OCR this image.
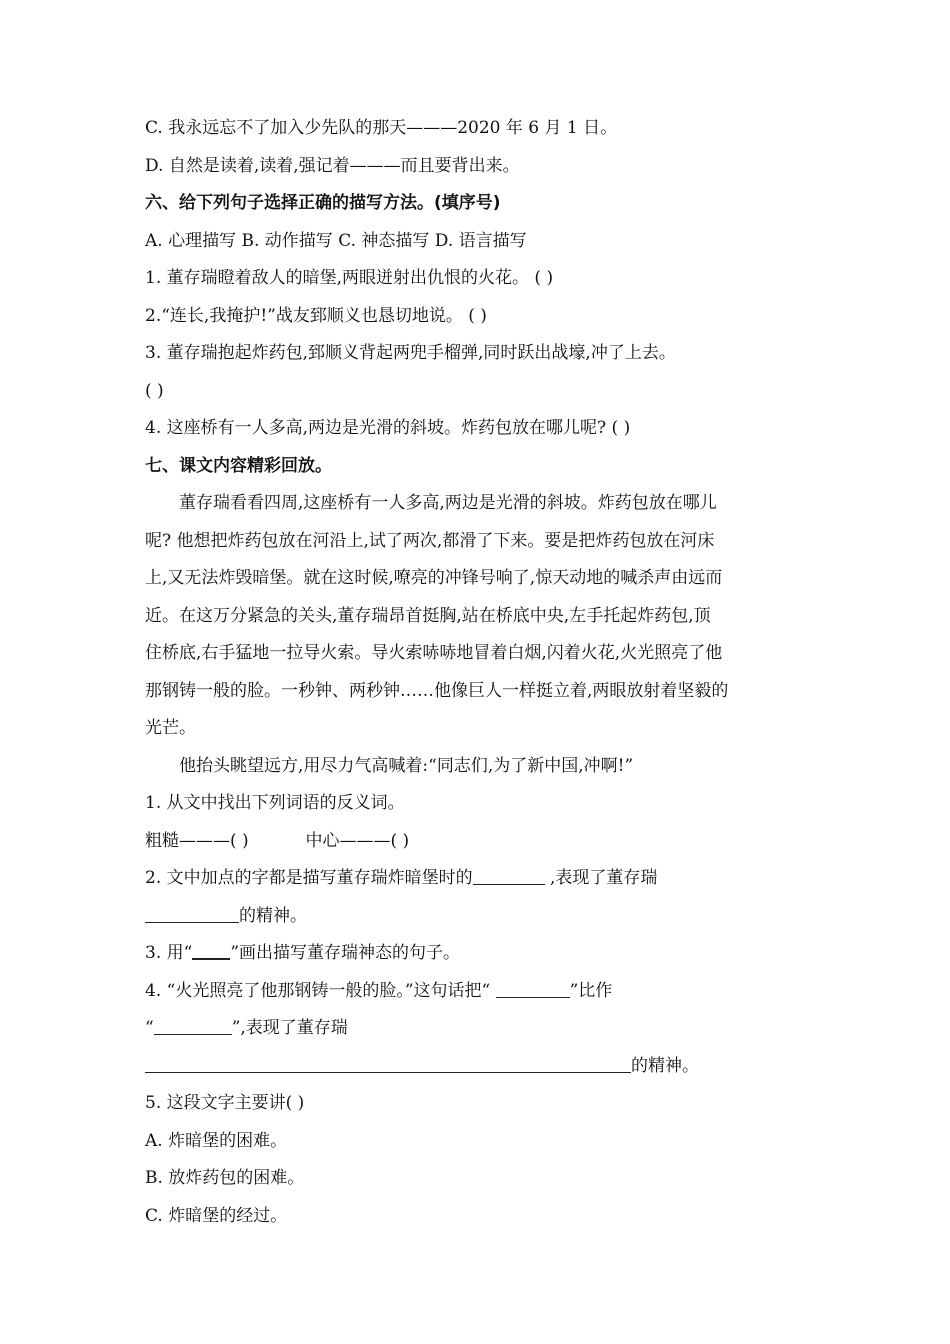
C. 我永远忘不了加入少先队的那天———2020 年 6 月 1 日。
D. 自然是读着,读着,强记着———而且要背出来。
六、给下列句子选择正确的描写方法。(填序号)
A. 心理描写 B. 动作描写 C. 神态描写 D. 语言描写
1. 董存瑞瞪着敌人的暗堡,两眼迸射出仇恨的火花。 ( )
2.“连长,我掩护!”战友郅顺义也恳切地说。 ( )
3. 董存瑞抱起炸药包,郅顺义背起两兜手榴弹,同时跃出战壕,冲了上去。
( )
4. 这座桥有一人多高,两边是光滑的斜坡。炸药包放在哪儿呢? ( )
七、课文内容精彩回放。
董存瑞看看四周,这座桥有一人多高,两边是光滑的斜坡。炸药包放在哪儿
呢? 他想把炸药包放在河沿上,试了两次,都滑了下来。要是把炸药包放在河床
上,又无法炸毁暗堡。就在这时候,嘹亮的冲锋号响了,惊天动地的喊杀声由远而
近。在这万分紧急的关头,董存瑞昂首挺胸,站在桥底中央,左手托起炸药包,顶
住桥底,右手猛地一拉导火索。导火索哧哧地冒着白烟,闪着火花,火光照亮了他
那钢铸一般的脸。一秒钟、两秒钟……他像巨人一样挺立着,两眼放射着坚毅的
光芒。
他抬头眺望远方,用尽力气高喊着:“同志们,为了新中国,冲啊!”
1. 从文中找出下列词语的反义词。
粗糙———( )	中心———( )
2. 文中加点的字都是描写董存瑞炸暗堡时的	,表现了董存瑞
的精神。
3. 用“ ”画出描写董存瑞神态的句子。
4. “火光照亮了他那钢铸一般的脸。”这句话把“	”比作
“	”,表现了董存瑞
的精神。
5. 这段文字主要讲( )
A. 炸暗堡的困难。
B. 放炸药包的困难。
C. 炸暗堡的经过。
